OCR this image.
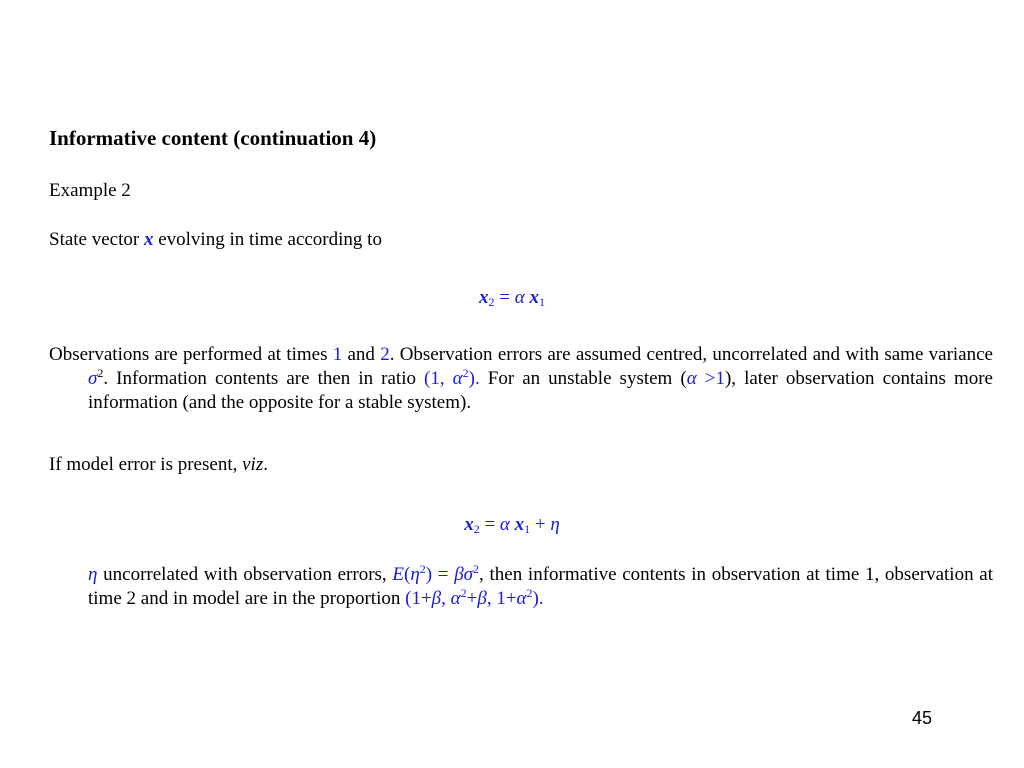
Informative content (continuation 4)
Example 2
State vector x evolving in time according to
$x_2 = \alpha$ $x_1$
Observations are performed at times 1 and 2. Observation errors are assumed centred, uncorrelated and with same variance $\sigma^2$. Information contents are then in ratio (1, $\alpha^2$). For an unstable system (α >1), later observation contains more information (and the opposite for a stable system).
If model error is present, viz.
$x_2 = \alpha$ $x_1 + \eta$
η uncorrelated with observation errors, $E(\eta^2) = \beta\sigma^2$, then informative contents in observation at time 1, observation at time 2 and in model are in the proportion (1+β, $\alpha^2+\beta$, $1+\alpha^2$).
45
